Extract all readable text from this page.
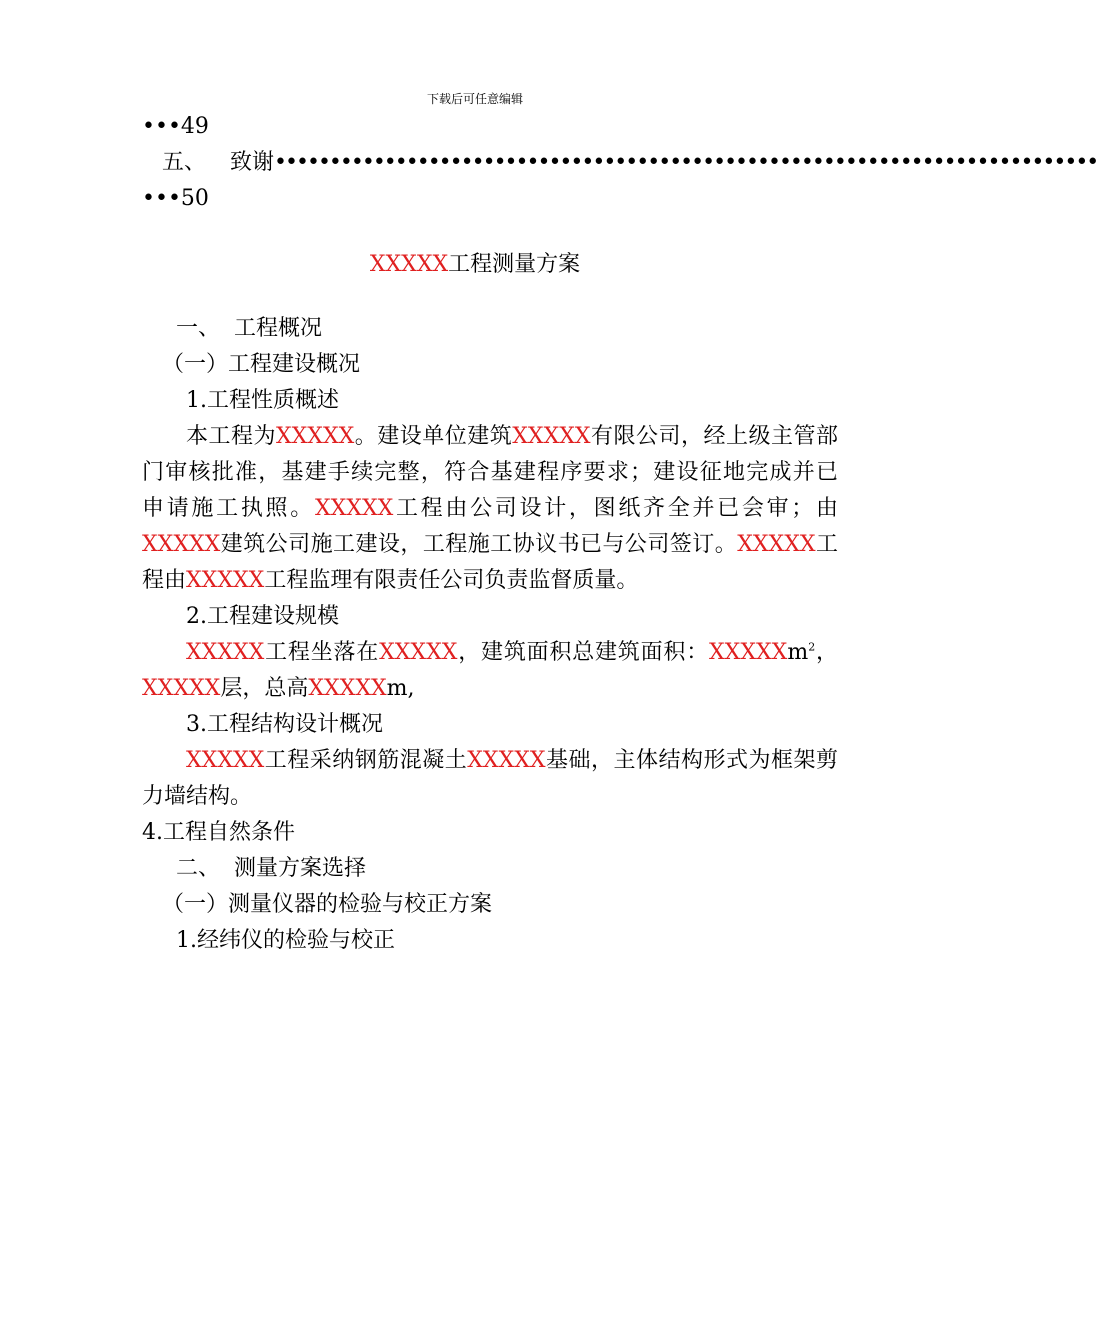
下载后可任意编辑
•••49
五、 致谢•••••••••••••••••••••••••••••••••••••••••••••••••••••••••••••••••••••••••••
•••50
XXXXX工程测量方案
一、 工程概况
（一）工程建设概况
1.工程性质概述
本工程为XXXXX。建设单位建筑XXXXX有限公司，经上级主管部
门审核批准，基建手续完整，符合基建程序要求；建设征地完成并已
申请施工执照。XXXXX工程由公司设计，图纸齐全并已会审；由
XXXXX建筑公司施工建设，工程施工协议书已与公司签订。XXXXX工
程由XXXXX工程监理有限责任公司负责监督质量。
2.工程建设规模
XXXXX工程坐落在XXXXX，建筑面积总建筑面积：XXXXXm$^2$，
XXXXX层，总高XXXXXm,
3.工程结构设计概况
XXXXX工程采纳钢筋混凝土XXXXX基础，主体结构形式为框架剪
力墙结构。
4.工程自然条件
二、 测量方案选择
（一）测量仪器的检验与校正方案
1.经纬仪的检验与校正
